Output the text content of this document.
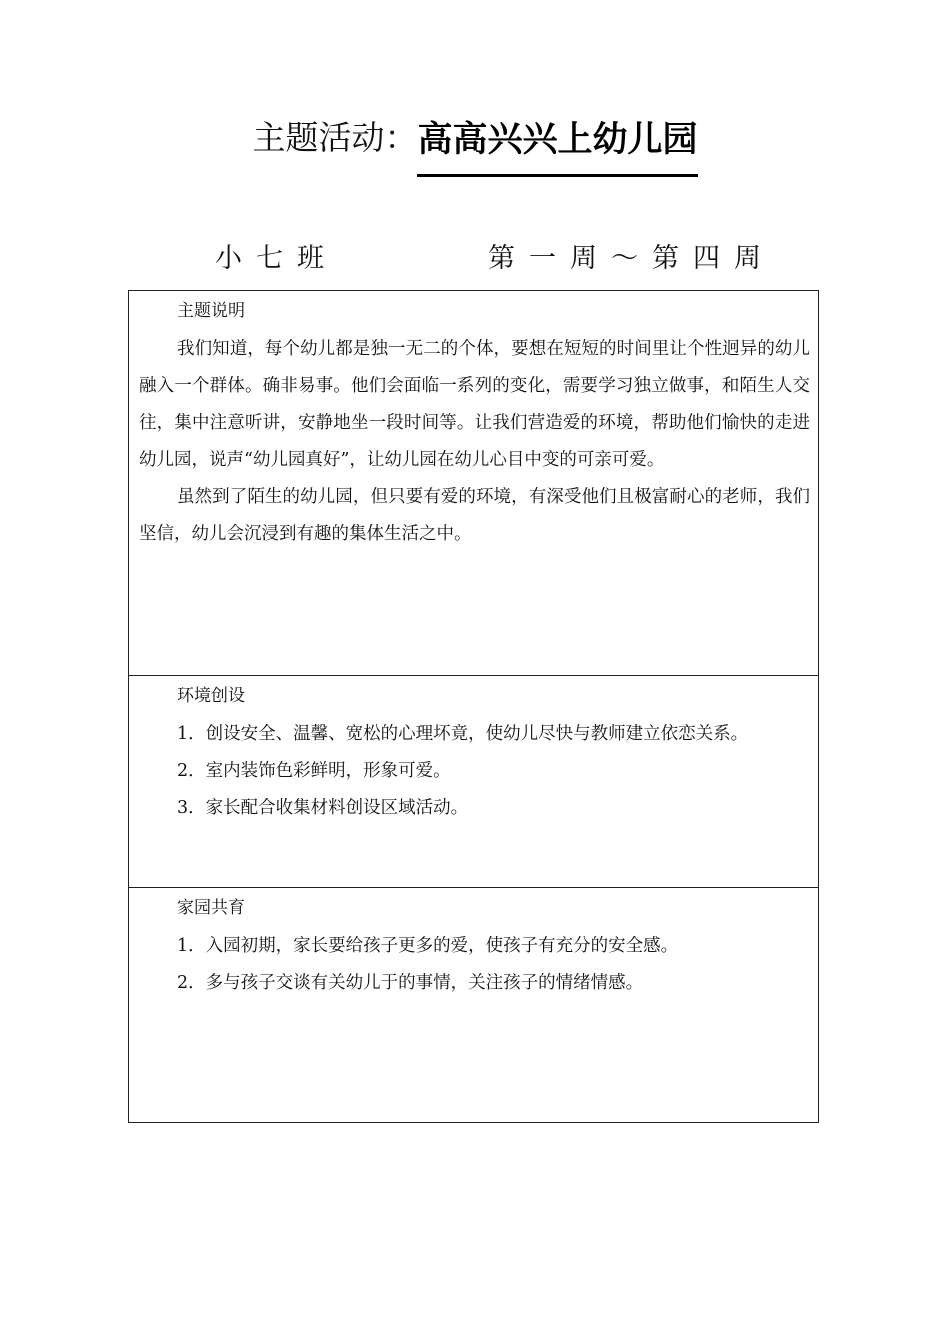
主题活动：高高兴兴上幼儿园
小七班	第一周～第四周
主题说明

我们知道，每个幼儿都是独一无二的个体，要想在短短的时间里让个性迥异的幼儿融入一个群体。确非易事。他们会面临一系列的变化，需要学习独立做事，和陌生人交往，集中注意听讲，安静地坐一段时间等。让我们营造爱的环境，帮助他们愉快的走进幼儿园，说声“幼儿园真好”，让幼儿园在幼儿心目中变的可亲可爱。

虽然到了陌生的幼儿园，但只要有爱的环境，有深受他们且极富耐心的老师，我们坚信，幼儿会沉浸到有趣的集体生活之中。

环境创设

1．创设安全、温馨、宽松的心理坏竟，使幼儿尽快与教师建立依恋关系。

2．室内装饰色彩鲜明，形象可爱。

3．家长配合收集材料创设区域活动。

家园共育

1．入园初期，家长要给孩子更多的爱，使孩子有充分的安全感。

2．多与孩子交谈有关幼儿于的事情，关注孩子的情绪情感。
